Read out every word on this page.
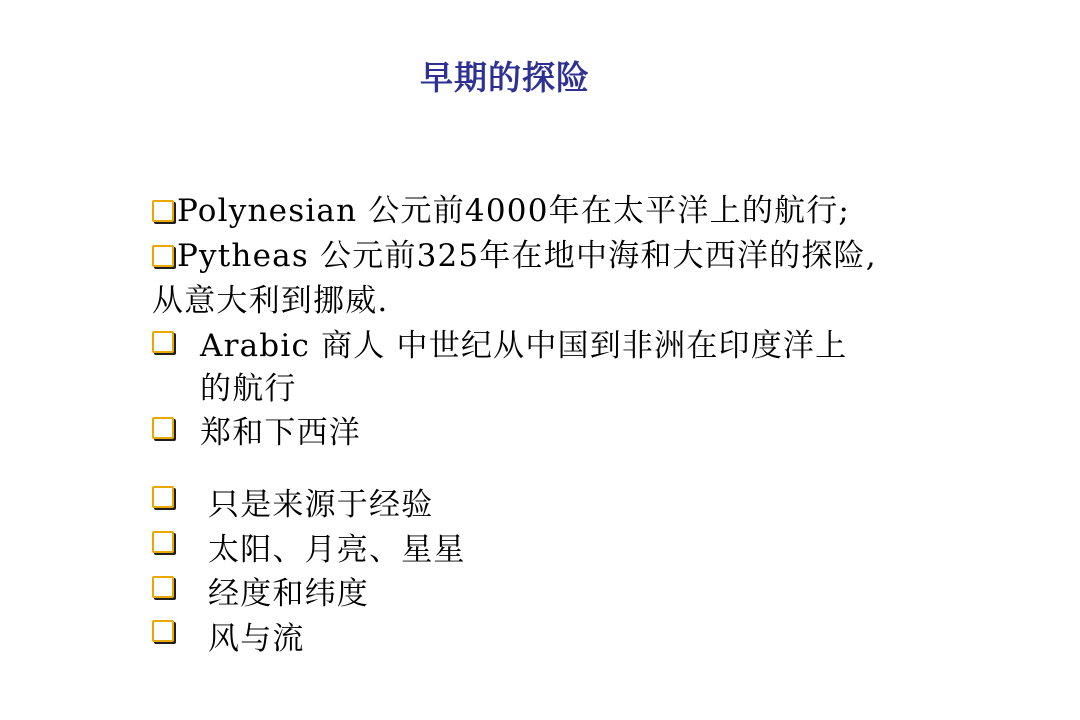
早期的探险
Polynesian 公元前4000年在太平洋上的航行;
Pytheas 公元前325年在地中海和大西洋的探险,
从意大利到挪威.
Arabic 商人 中世纪从中国到非洲在印度洋上
的航行
郑和下西洋
只是来源于经验
太阳、月亮、星星
经度和纬度
风与流
